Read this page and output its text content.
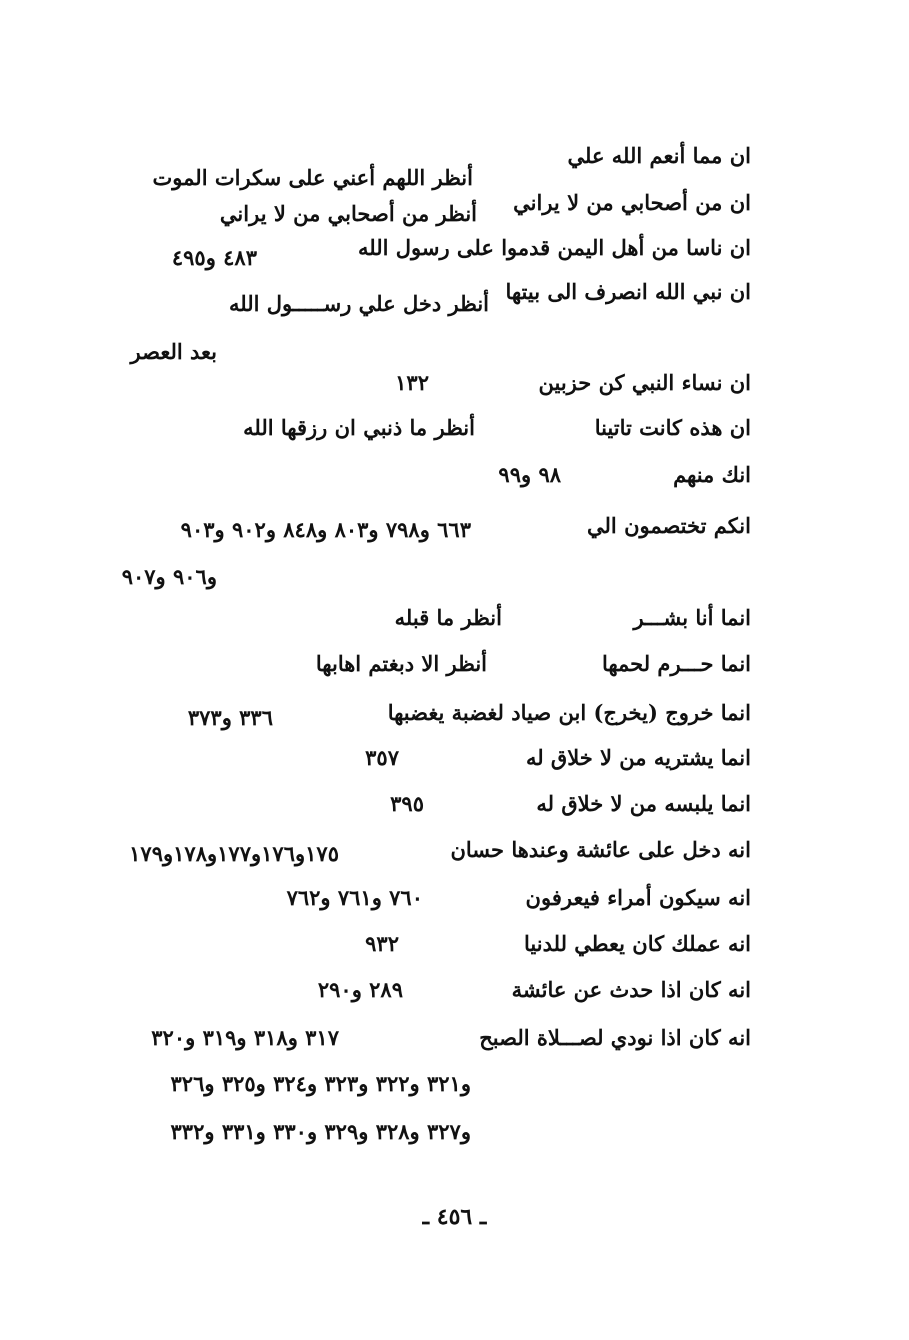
ان مما أنعم الله علي
أنظر اللهم أعني على سكرات الموت
ان من أصحابي من لا يراني
أنظر من أصحابي من لا يراني
ان ناسا من أهل اليمن قدموا على رسول الله
٤٨٣ و٤٩٥
ان نبي الله انصرف الى بيتها
أنظر دخل علي رســـــول الله
بعد العصر
ان نساء النبي كن حزبين
١٣٢
ان هذه كانت تاتينا
أنظر ما ذنبي ان رزقها الله
انك منهم
٩٨ و٩٩
انكم تختصمون الي
٦٦٣ و٧٩٨ و٨٠٣ و٨٤٨ و٩٠٢ و٩٠٣
و٩٠٦ و٩٠٧
انما أنا بشـــر
أنظر ما قبله
انما حـــرم لحمها
أنظر الا دبغتم اهابها
انما خروج (يخرج) ابن صياد لغضبة يغضبها
٣٣٦ و٣٧٣
انما يشتريه من لا خلاق له
٣٥٧
انما يلبسه من لا خلاق له
٣٩٥
انه دخل على عائشة وعندها حسان
١٧٥و١٧٦و١٧٧و١٧٨و١٧٩
انه سيكون أمراء فيعرفون
٧٦٠ و٧٦١ و٧٦٢
انه عملك كان يعطي للدنيا
٩٣٢
انه كان اذا حدث عن عائشة
٢٨٩ و٢٩٠
انه كان اذا نودي لصـــلاة الصبح
٣١٧ و٣١٨ و٣١٩ و٣٢٠
و٣٢١ و٣٢٢ و٣٢٣ و٣٢٤ و٣٢٥ و٣٢٦
و٣٢٧ و٣٢٨ و٣٢٩ و٣٣٠ و٣٣١ و٣٣٢
ـ ٤٥٦ ـ
